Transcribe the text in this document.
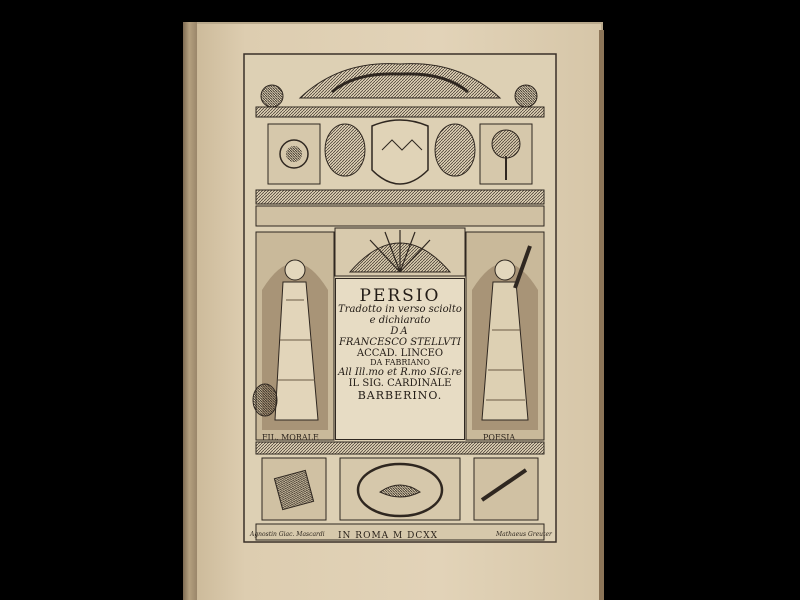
PERSIO
Tradotto in verso sciolto
e dichiarato
DA
FRANCESCO STELLVTI
ACCAD. LINCEO
DA FABRIANO
All Ill.mo et R.mo SIG.re
IL SIG. CARDINALE
BARBERINO.
FIL. MORALE	POESIA
IN ROMA M DCXX
Agnostin Giac. Mascardi	Mathaeus Greuter
